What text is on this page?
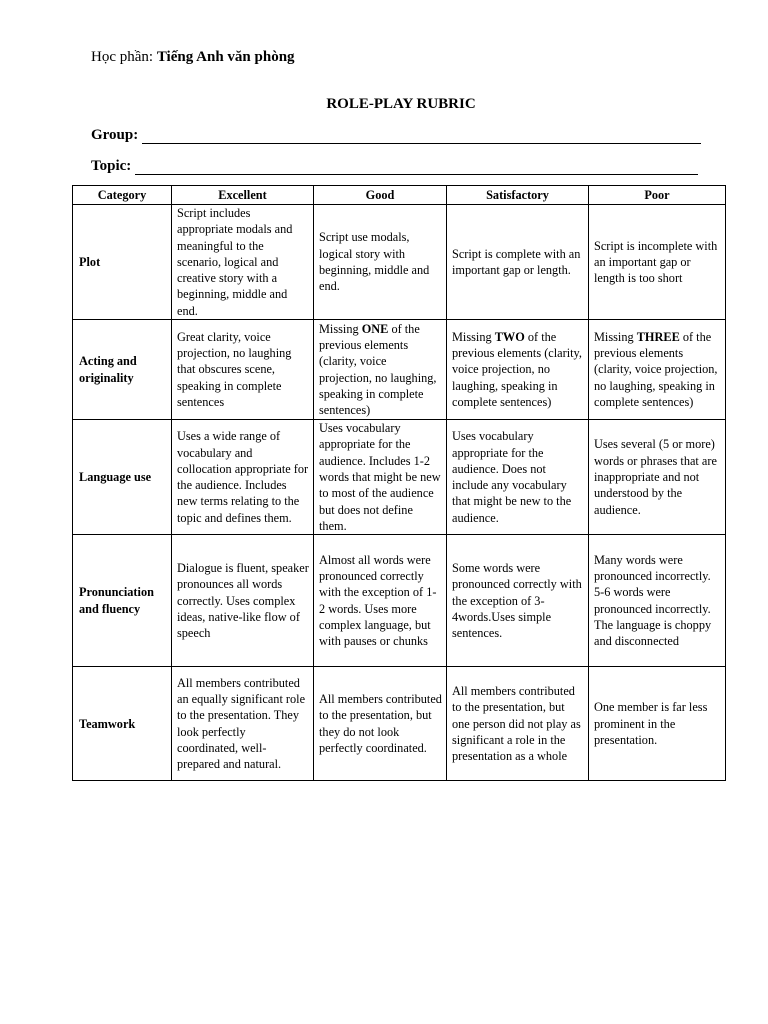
Học phần: Tiếng Anh văn phòng
ROLE-PLAY RUBRIC
Group:
Topic:
Category	Excellent	Good	Satisfactory	Poor
Plot	Script includes appropriate modals and meaningful to the scenario, logical and creative story with a beginning, middle and end.	Script use modals, logical story with beginning, middle and end.	Script is complete with an important gap or length.	Script is incomplete with an important gap or length is too short
Acting and originality	Great clarity, voice projection, no laughing that obscures scene, speaking in complete sentences	Missing ONE of the previous elements (clarity, voice projection, no laughing, speaking in complete sentences)	Missing TWO of the previous elements (clarity, voice projection, no laughing, speaking in complete sentences)	Missing THREE of the previous elements (clarity, voice projection, no laughing, speaking in complete sentences)
Language use	Uses a wide range of vocabulary and collocation appropriate for the audience. Includes new terms relating to the topic and defines them.	Uses vocabulary appropriate for the audience. Includes 1-2 words that might be new to most of the audience but does not define them.	Uses vocabulary appropriate for the audience. Does not include any vocabulary that might be new to the audience.	Uses several (5 or more) words or phrases that are inappropriate and not understood by the audience.
Pronunciation and fluency	Dialogue is fluent, speaker pronounces all words correctly. Uses complex ideas, native-like flow of speech	Almost all words were pronounced correctly with the exception of 1-2 words. Uses more complex language, but with pauses or chunks	Some words were pronounced correctly with the exception of 3-4words.Uses simple sentences.	Many words were pronounced incorrectly. 5-6 words were pronounced incorrectly. The language is choppy and disconnected
Teamwork	All members contributed an equally significant role to the presentation. They look perfectly coordinated, well-prepared and natural.	All members contributed to the presentation, but they do not look perfectly coordinated.	All members contributed to the presentation, but one person did not play as significant a role in the presentation as a whole	One member is far less prominent in the presentation.
